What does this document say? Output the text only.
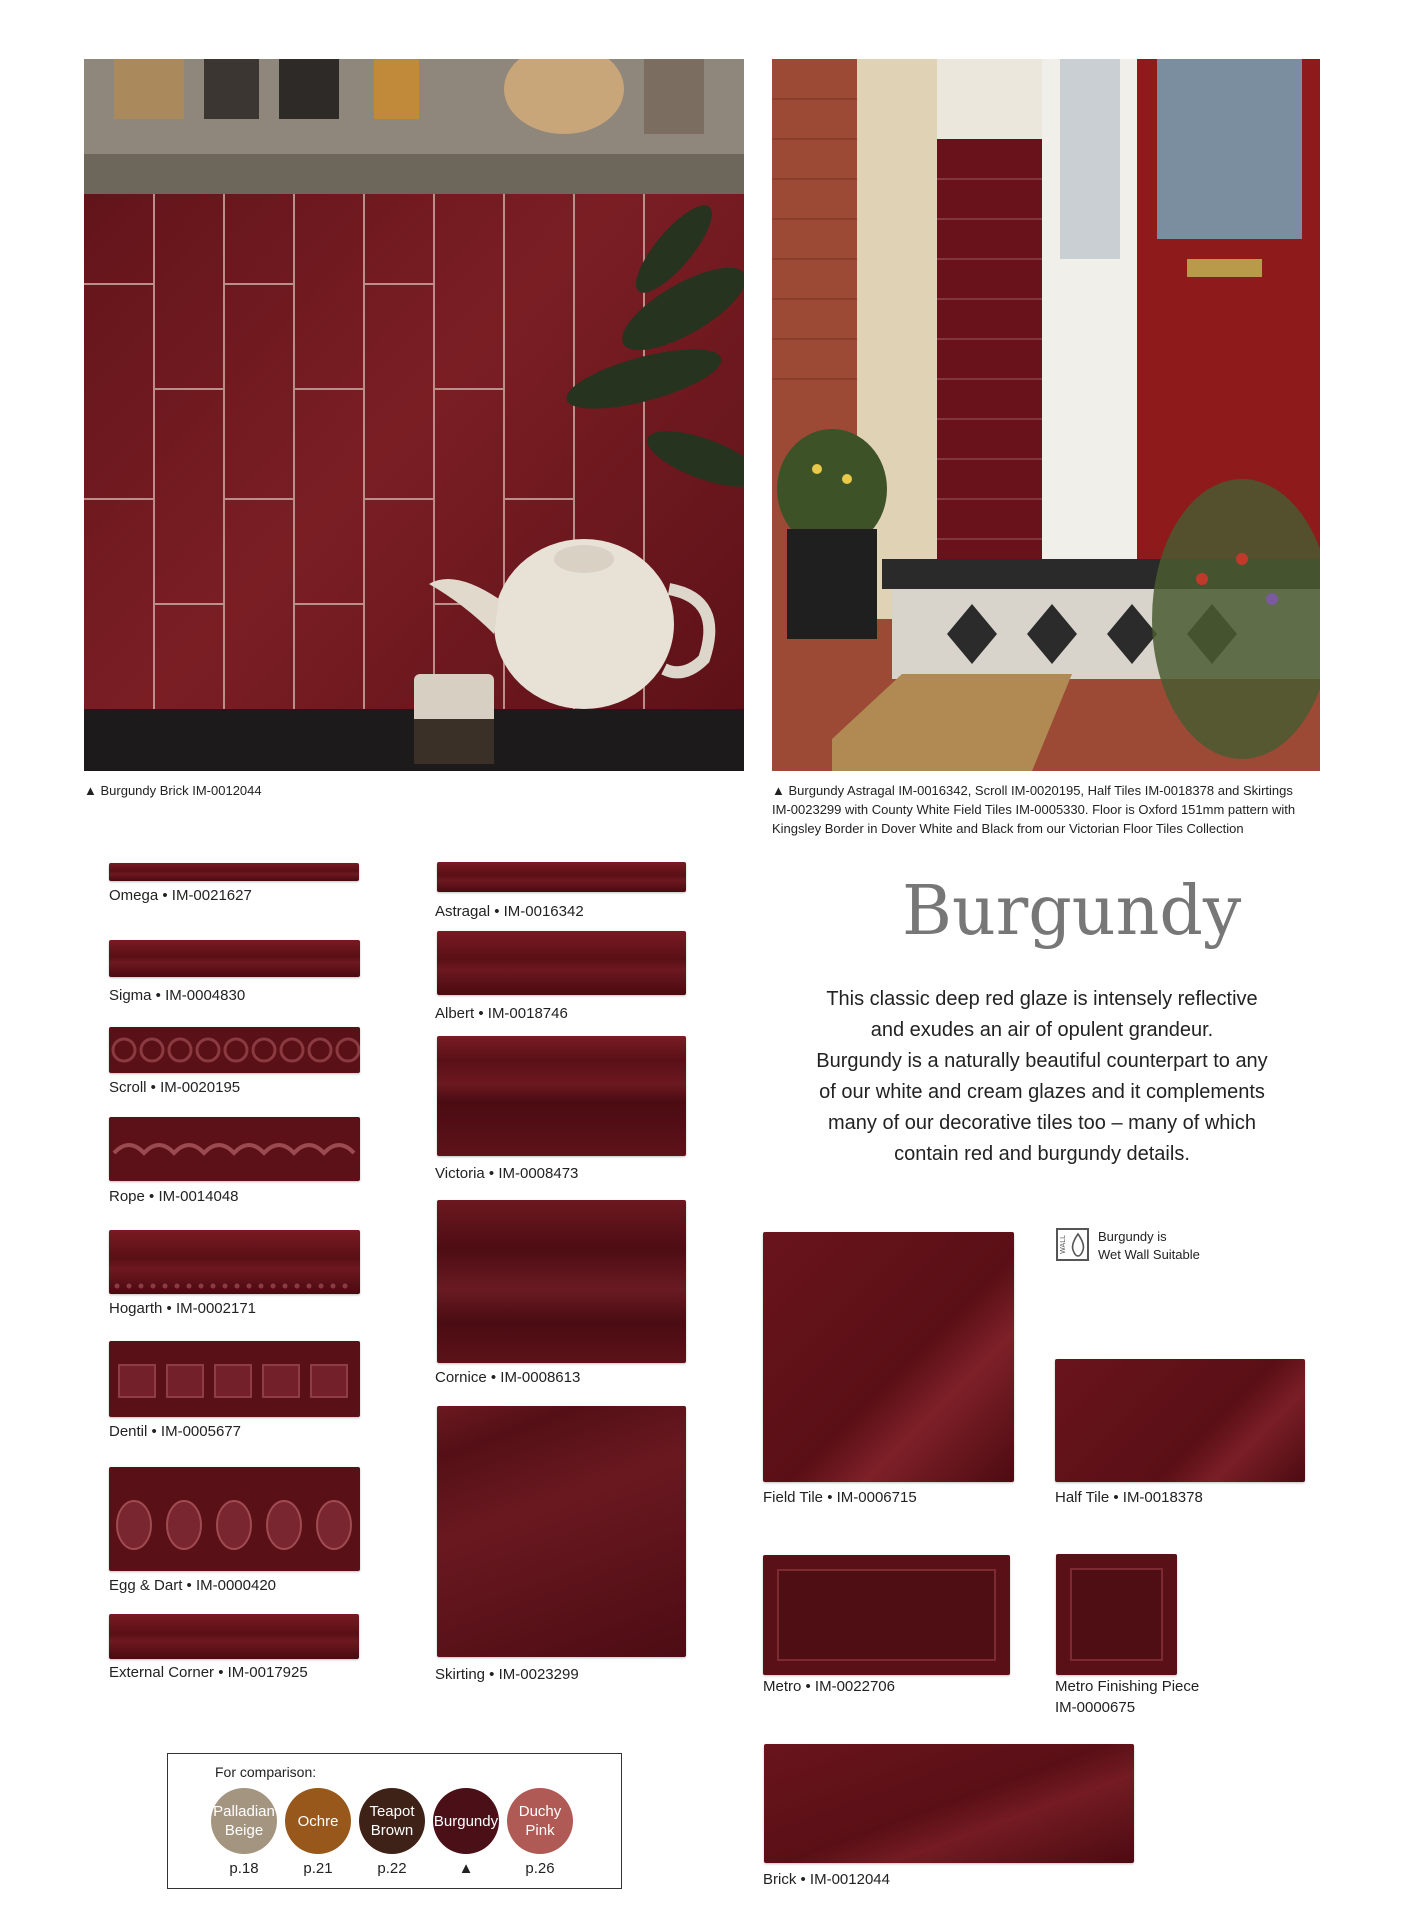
▲ Burgundy Brick IM-0012044	▲ Burgundy Astragal IM-0016342, Scroll IM-0020195, Half Tiles IM-0018378 and Skirtings
IM-0023299 with County White Field Tiles IM-0005330. Floor is Oxford 151mm pattern with
Kingsley Border in Dover White and Black from our Victorian Floor Tiles Collection
Omega • IM-0021627
Sigma • IM-0004830
Scroll • IM-0020195
Rope • IM-0014048
Hogarth • IM-0002171
Dentil • IM-0005677
Egg & Dart • IM-0000420
External Corner • IM-0017925
Astragal • IM-0016342
Albert • IM-0018746
Victoria • IM-0008473
Cornice • IM-0008613
Skirting • IM-0023299
Burgundy
This classic deep red glaze is intensely reflective
and exudes an air of opulent grandeur.
Burgundy is a naturally beautiful counterpart to any
of our white and cream glazes and it complements
many of our decorative tiles too – many of which
contain red and burgundy details.
WALL Burgundy is
Wet Wall Suitable
Field Tile • IM-0006715	Half Tile • IM-0018378
Metro • IM-0022706	Metro Finishing Piece
IM-0000675
Brick • IM-0012044
For comparison:
Palladian
Beige
p.18
Ochre
p.21
Teapot
Brown
p.22
Burgundy
▲
Duchy
Pink
p.26
